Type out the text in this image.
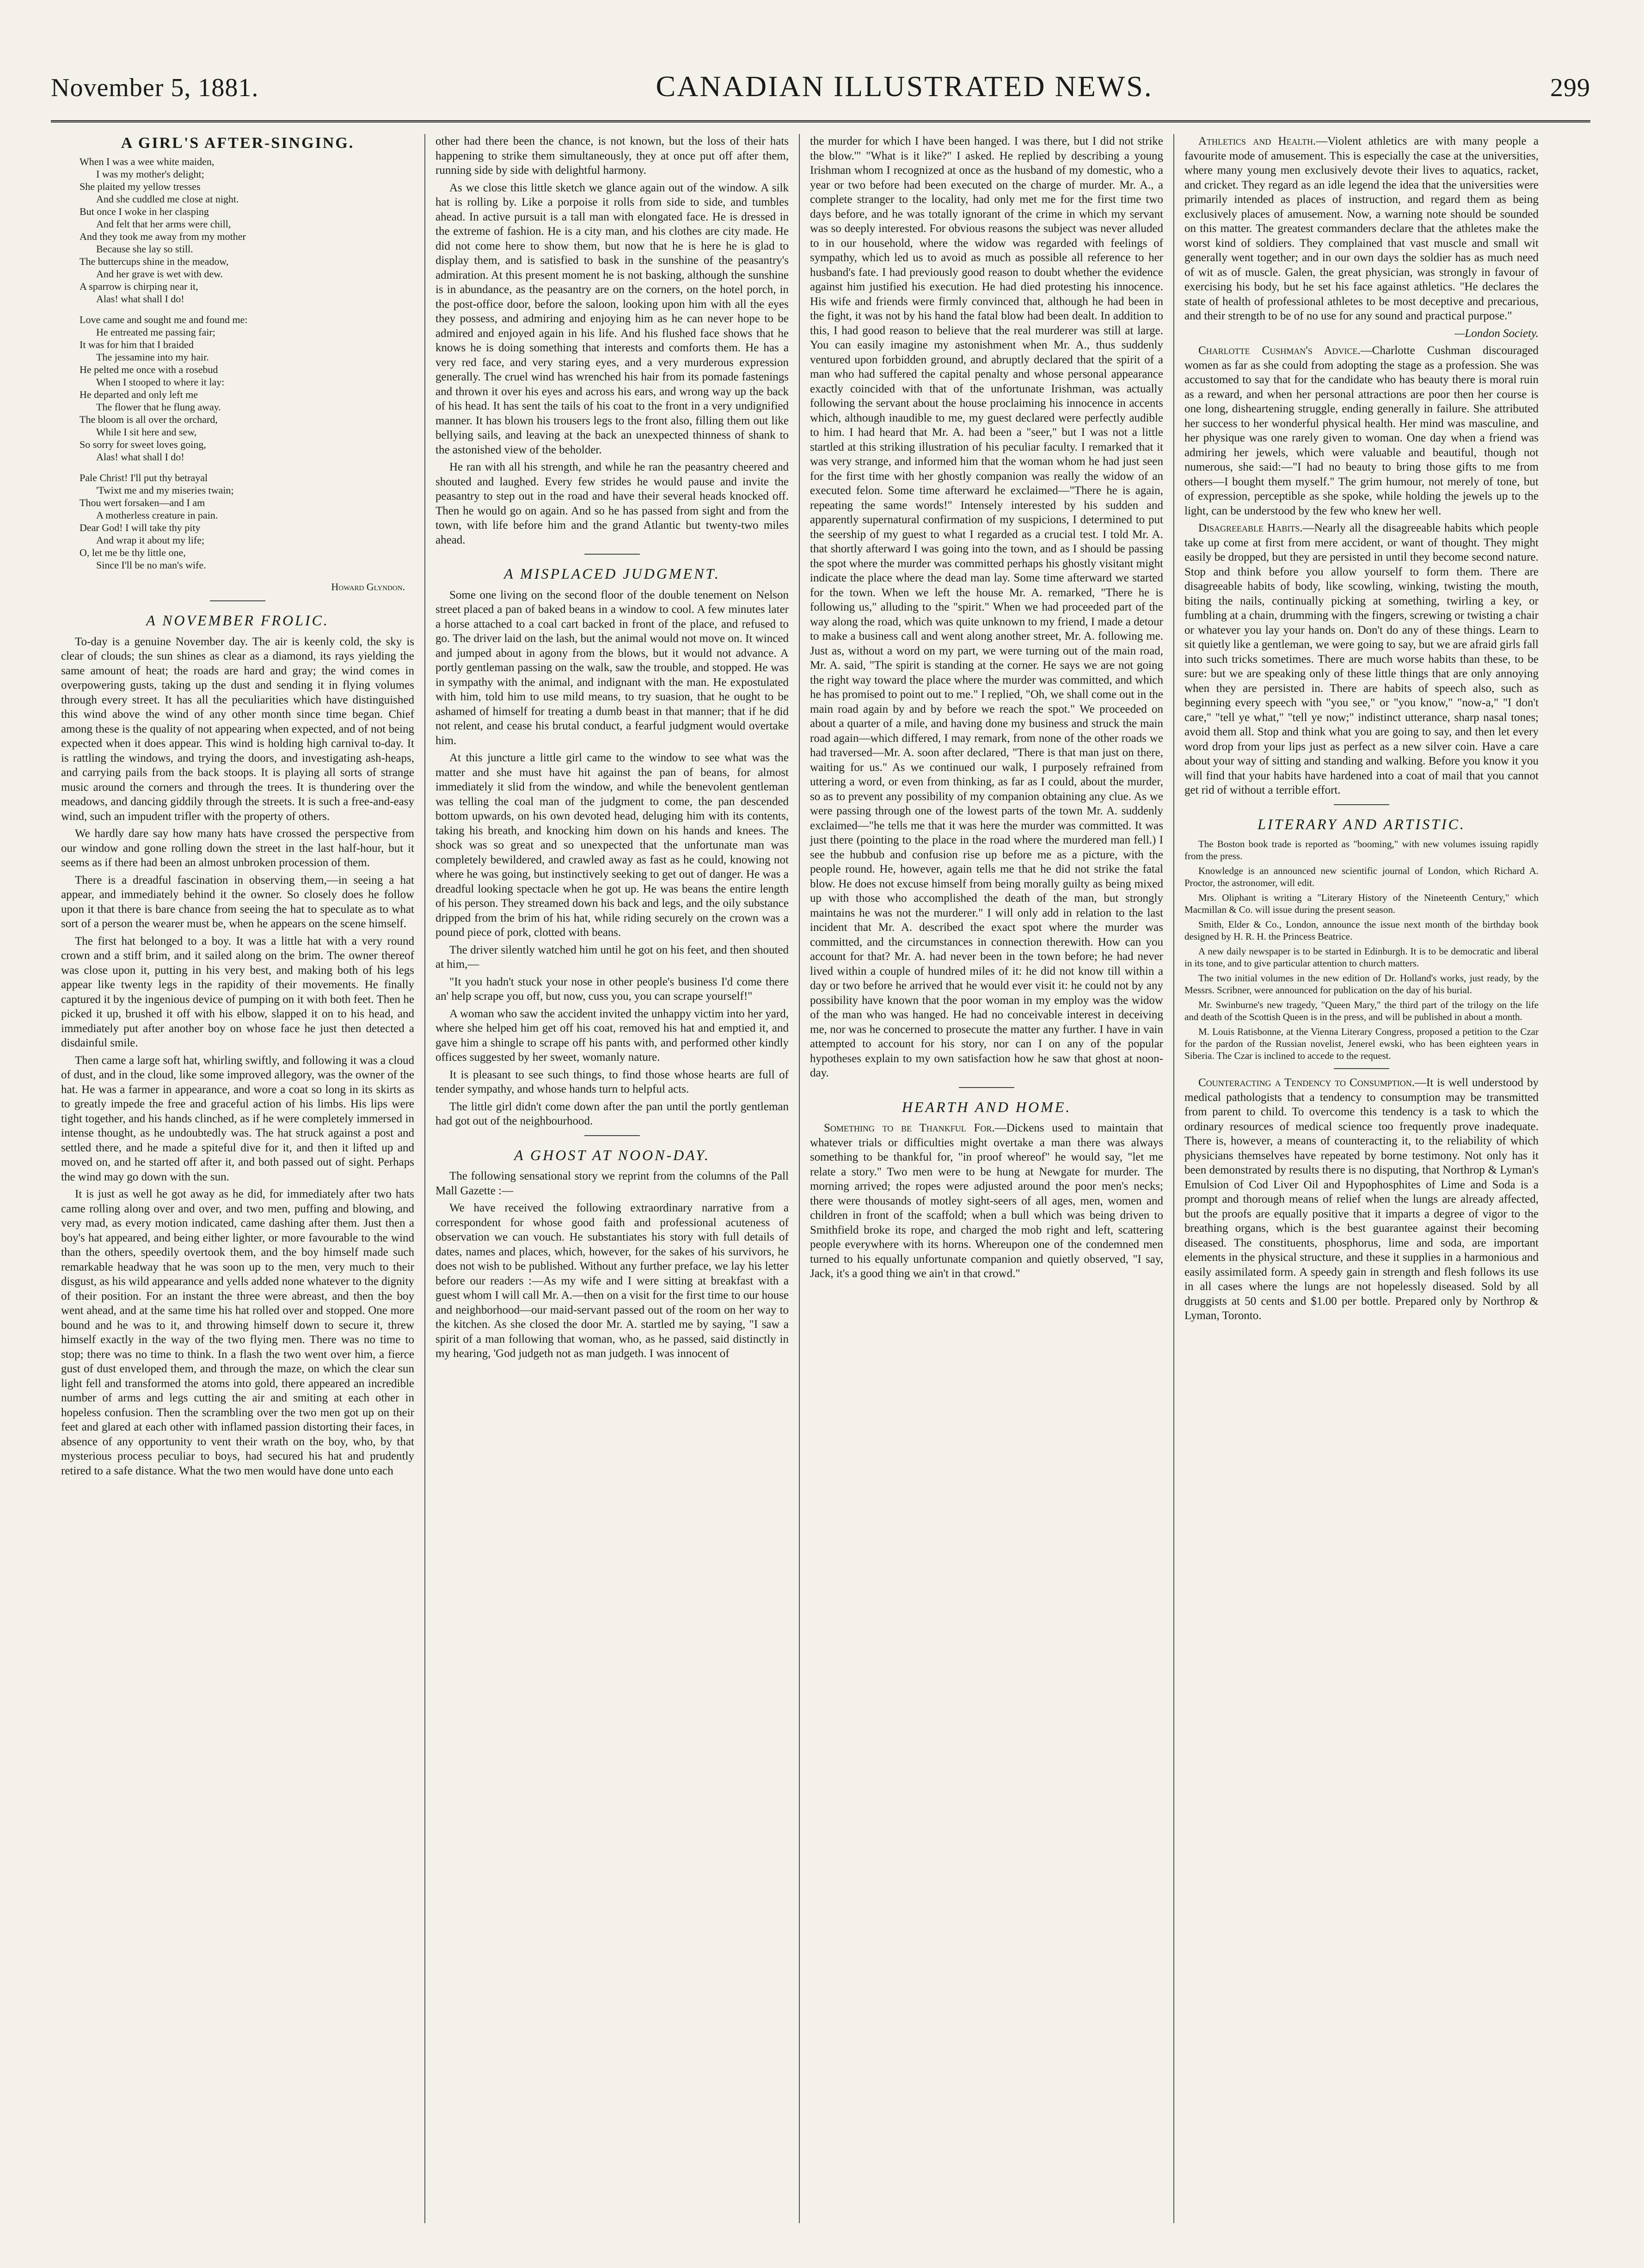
November 5, 1881.	CANADIAN ILLUSTRATED NEWS.	299
A GIRL'S AFTER-SINGING.
When I was a wee white maiden,
I was my mother's delight;
She plaited my yellow tresses
And she cuddled me close at night.
But once I woke in her clasping
And felt that her arms were chill,
And they took me away from my mother
Because she lay so still.
The buttercups shine in the meadow,
And her grave is wet with dew.
A sparrow is chirping near it,
Alas! what shall I do!
Love came and sought me and found me:
He entreated me passing fair;
It was for him that I braided
The jessamine into my hair.
He pelted me once with a rosebud
When I stooped to where it lay:
He departed and only left me
The flower that he flung away.
The bloom is all over the orchard,
While I sit here and sew,
So sorry for sweet loves going,
Alas! what shall I do!
Pale Christ! I'll put thy betrayal
'Twixt me and my miseries twain;
Thou wert forsaken—and I am
A motherless creature in pain.
Dear God! I will take thy pity
And wrap it about my life;
O, let me be thy little one,
Since I'll be no man's wife.
Howard Glyndon.
A NOVEMBER FROLIC.

To-day is a genuine November day. The air is keenly cold, the sky is clear of clouds; the sun shines as clear as a diamond, its rays yielding the same amount of heat; the roads are hard and gray; the wind comes in overpowering gusts, taking up the dust and sending it in flying volumes through every street. It has all the peculiarities which have distinguished this wind above the wind of any other month since time began. Chief among these is the quality of not appearing when expected, and of not being expected when it does appear. This wind is holding high carnival to-day. It is rattling the windows, and trying the doors, and investigating ash-heaps, and carrying pails from the back stoops. It is playing all sorts of strange music around the corners and through the trees. It is thundering over the meadows, and dancing giddily through the streets. It is such a free-and-easy wind, such an impudent trifler with the property of others.

We hardly dare say how many hats have crossed the perspective from our window and gone rolling down the street in the last half-hour, but it seems as if there had been an almost unbroken procession of them.

There is a dreadful fascination in observing them,—in seeing a hat appear, and immediately behind it the owner. So closely does he follow upon it that there is bare chance from seeing the hat to speculate as to what sort of a person the wearer must be, when he appears on the scene himself.

The first hat belonged to a boy. It was a little hat with a very round crown and a stiff brim, and it sailed along on the brim. The owner thereof was close upon it, putting in his very best, and making both of his legs appear like twenty legs in the rapidity of their movements. He finally captured it by the ingenious device of pumping on it with both feet. Then he picked it up, brushed it off with his elbow, slapped it on to his head, and immediately put after another boy on whose face he just then detected a disdainful smile.

Then came a large soft hat, whirling swiftly, and following it was a cloud of dust, and in the cloud, like some improved allegory, was the owner of the hat. He was a farmer in appearance, and wore a coat so long in its skirts as to greatly impede the free and graceful action of his limbs. His lips were tight together, and his hands clinched, as if he were completely immersed in intense thought, as he undoubtedly was. The hat struck against a post and settled there, and he made a spiteful dive for it, and then it lifted up and moved on, and he started off after it, and both passed out of sight. Perhaps the wind may go down with the sun.

It is just as well he got away as he did, for immediately after two hats came rolling along over and over, and two men, puffing and blowing, and very mad, as every motion indicated, came dashing after them. Just then a boy's hat appeared, and being either lighter, or more favourable to the wind than the others, speedily overtook them, and the boy himself made such remarkable headway that he was soon up to the men, very much to their disgust, as his wild appearance and yells added none whatever to the dignity of their position. For an instant the three were abreast, and then the boy went ahead, and at the same time his hat rolled over and stopped. One more bound and he was to it, and throwing himself down to secure it, threw himself exactly in the way of the two flying men. There was no time to stop; there was no time to think. In a flash the two went over him, a fierce gust of dust enveloped them, and through the maze, on which the clear sun light fell and transformed the atoms into gold, there appeared an incredible number of arms and legs cutting the air and smiting at each other in hopeless confusion. Then the scrambling over the two men got up on their feet and glared at each other with inflamed passion distorting their faces, in absence of any opportunity to vent their wrath on the boy, who, by that mysterious process peculiar to boys, had secured his hat and prudently retired to a safe distance. What the two men would have done unto each

other had there been the chance, is not known, but the loss of their hats happening to strike them simultaneously, they at once put off after them, running side by side with delightful harmony.

As we close this little sketch we glance again out of the window. A silk hat is rolling by. Like a porpoise it rolls from side to side, and tumbles ahead. In active pursuit is a tall man with elongated face. He is dressed in the extreme of fashion. He is a city man, and his clothes are city made. He did not come here to show them, but now that he is here he is glad to display them, and is satisfied to bask in the sunshine of the peasantry's admiration. At this present moment he is not basking, although the sunshine is in abundance, as the peasantry are on the corners, on the hotel porch, in the post-office door, before the saloon, looking upon him with all the eyes they possess, and admiring and enjoying him as he can never hope to be admired and enjoyed again in his life. And his flushed face shows that he knows he is doing something that interests and comforts them. He has a very red face, and very staring eyes, and a very murderous expression generally. The cruel wind has wrenched his hair from its pomade fastenings and thrown it over his eyes and across his ears, and wrong way up the back of his head. It has sent the tails of his coat to the front in a very undignified manner. It has blown his trousers legs to the front also, filling them out like bellying sails, and leaving at the back an unexpected thinness of shank to the astonished view of the beholder.

He ran with all his strength, and while he ran the peasantry cheered and shouted and laughed. Every few strides he would pause and invite the peasantry to step out in the road and have their several heads knocked off. Then he would go on again. And so he has passed from sight and from the town, with life before him and the grand Atlantic but twenty-two miles ahead.

A MISPLACED JUDGMENT.

Some one living on the second floor of the double tenement on Nelson street placed a pan of baked beans in a window to cool. A few minutes later a horse attached to a coal cart backed in front of the place, and refused to go. The driver laid on the lash, but the animal would not move on. It winced and jumped about in agony from the blows, but it would not advance. A portly gentleman passing on the walk, saw the trouble, and stopped. He was in sympathy with the animal, and indignant with the man. He expostulated with him, told him to use mild means, to try suasion, that he ought to be ashamed of himself for treating a dumb beast in that manner; that if he did not relent, and cease his brutal conduct, a fearful judgment would overtake him.

At this juncture a little girl came to the window to see what was the matter and she must have hit against the pan of beans, for almost immediately it slid from the window, and while the benevolent gentleman was telling the coal man of the judgment to come, the pan descended bottom upwards, on his own devoted head, deluging him with its contents, taking his breath, and knocking him down on his hands and knees. The shock was so great and so unexpected that the unfortunate man was completely bewildered, and crawled away as fast as he could, knowing not where he was going, but instinctively seeking to get out of danger. He was a dreadful looking spectacle when he got up. He was beans the entire length of his person. They streamed down his back and legs, and the oily substance dripped from the brim of his hat, while riding securely on the crown was a pound piece of pork, clotted with beans.

The driver silently watched him until he got on his feet, and then shouted at him,—

"It you hadn't stuck your nose in other people's business I'd come there an' help scrape you off, but now, cuss you, you can scrape yourself!"

A woman who saw the accident invited the unhappy victim into her yard, where she helped him get off his coat, removed his hat and emptied it, and gave him a shingle to scrape off his pants with, and performed other kindly offices suggested by her sweet, womanly nature.

It is pleasant to see such things, to find those whose hearts are full of tender sympathy, and whose hands turn to helpful acts.

The little girl didn't come down after the pan until the portly gentleman had got out of the neighbourhood.

A GHOST AT NOON-DAY.

The following sensational story we reprint from the columns of the Pall Mall Gazette :—

We have received the following extraordinary narrative from a correspondent for whose good faith and professional acuteness of observation we can vouch. He substantiates his story with full details of dates, names and places, which, however, for the sakes of his survivors, he does not wish to be published. Without any further preface, we lay his letter before our readers :—As my wife and I were sitting at breakfast with a guest whom I will call Mr. A.—then on a visit for the first time to our house and neighborhood—our maid-servant passed out of the room on her way to the kitchen. As she closed the door Mr. A. startled me by saying, "I saw a spirit of a man following that woman, who, as he passed, said distinctly in my hearing, 'God judgeth not as man judgeth. I was innocent of

the murder for which I have been hanged. I was there, but I did not strike the blow.'" "What is it like?" I asked. He replied by describing a young Irishman whom I recognized at once as the husband of my domestic, who a year or two before had been executed on the charge of murder. Mr. A., a complete stranger to the locality, had only met me for the first time two days before, and he was totally ignorant of the crime in which my servant was so deeply interested. For obvious reasons the subject was never alluded to in our household, where the widow was regarded with feelings of sympathy, which led us to avoid as much as possible all reference to her husband's fate. I had previously good reason to doubt whether the evidence against him justified his execution. He had died protesting his innocence. His wife and friends were firmly convinced that, although he had been in the fight, it was not by his hand the fatal blow had been dealt. In addition to this, I had good reason to believe that the real murderer was still at large. You can easily imagine my astonishment when Mr. A., thus suddenly ventured upon forbidden ground, and abruptly declared that the spirit of a man who had suffered the capital penalty and whose personal appearance exactly coincided with that of the unfortunate Irishman, was actually following the servant about the house proclaiming his innocence in accents which, although inaudible to me, my guest declared were perfectly audible to him. I had heard that Mr. A. had been a "seer," but I was not a little startled at this striking illustration of his peculiar faculty. I remarked that it was very strange, and informed him that the woman whom he had just seen for the first time with her ghostly companion was really the widow of an executed felon. Some time afterward he exclaimed—"There he is again, repeating the same words!" Intensely interested by his sudden and apparently supernatural confirmation of my suspicions, I determined to put the seership of my guest to what I regarded as a crucial test. I told Mr. A. that shortly afterward I was going into the town, and as I should be passing the spot where the murder was committed perhaps his ghostly visitant might indicate the place where the dead man lay. Some time afterward we started for the town. When we left the house Mr. A. remarked, "There he is following us," alluding to the "spirit." When we had proceeded part of the way along the road, which was quite unknown to my friend, I made a detour to make a business call and went along another street, Mr. A. following me. Just as, without a word on my part, we were turning out of the main road, Mr. A. said, "The spirit is standing at the corner. He says we are not going the right way toward the place where the murder was committed, and which he has promised to point out to me." I replied, "Oh, we shall come out in the main road again by and by before we reach the spot." We proceeded on about a quarter of a mile, and having done my business and struck the main road again—which differed, I may remark, from none of the other roads we had traversed—Mr. A. soon after declared, "There is that man just on there, waiting for us." As we continued our walk, I purposely refrained from uttering a word, or even from thinking, as far as I could, about the murder, so as to prevent any possibility of my companion obtaining any clue. As we were passing through one of the lowest parts of the town Mr. A. suddenly exclaimed—"he tells me that it was here the murder was committed. It was just there (pointing to the place in the road where the murdered man fell.) I see the hubbub and confusion rise up before me as a picture, with the people round. He, however, again tells me that he did not strike the fatal blow. He does not excuse himself from being morally guilty as being mixed up with those who accomplished the death of the man, but strongly maintains he was not the murderer." I will only add in relation to the last incident that Mr. A. described the exact spot where the murder was committed, and the circumstances in connection therewith. How can you account for that? Mr. A. had never been in the town before; he had never lived within a couple of hundred miles of it: he did not know till within a day or two before he arrived that he would ever visit it: he could not by any possibility have known that the poor woman in my employ was the widow of the man who was hanged. He had no conceivable interest in deceiving me, nor was he concerned to prosecute the matter any further. I have in vain attempted to account for his story, nor can I on any of the popular hypotheses explain to my own satisfaction how he saw that ghost at noon-day.

HEARTH AND HOME.

Something to be Thankful For.—Dickens used to maintain that whatever trials or difficulties might overtake a man there was always something to be thankful for, "in proof whereof" he would say, "let me relate a story." Two men were to be hung at Newgate for murder. The morning arrived; the ropes were adjusted around the poor men's necks; there were thousands of motley sight-seers of all ages, men, women and children in front of the scaffold; when a bull which was being driven to Smithfield broke its rope, and charged the mob right and left, scattering people everywhere with its horns. Whereupon one of the condemned men turned to his equally unfortunate companion and quietly observed, "I say, Jack, it's a good thing we ain't in that crowd."

Athletics and Health.—Violent athletics are with many people a favourite mode of amusement. This is especially the case at the universities, where many young men exclusively devote their lives to aquatics, racket, and cricket. They regard as an idle legend the idea that the universities were primarily intended as places of instruction, and regard them as being exclusively places of amusement. Now, a warning note should be sounded on this matter. The greatest commanders declare that the athletes make the worst kind of soldiers. They complained that vast muscle and small wit generally went together; and in our own days the soldier has as much need of wit as of muscle. Galen, the great physician, was strongly in favour of exercising his body, but he set his face against athletics. "He declares the state of health of professional athletes to be most deceptive and precarious, and their strength to be of no use for any sound and practical purpose."

—London Society.

Charlotte Cushman's Advice.—Charlotte Cushman discouraged women as far as she could from adopting the stage as a profession. She was accustomed to say that for the candidate who has beauty there is moral ruin as a reward, and when her personal attractions are poor then her course is one long, disheartening struggle, ending generally in failure. She attributed her success to her wonderful physical health. Her mind was masculine, and her physique was one rarely given to woman. One day when a friend was admiring her jewels, which were valuable and beautiful, though not numerous, she said:—"I had no beauty to bring those gifts to me from others—I bought them myself." The grim humour, not merely of tone, but of expression, perceptible as she spoke, while holding the jewels up to the light, can be understood by the few who knew her well.

Disagreeable Habits.—Nearly all the disagreeable habits which people take up come at first from mere accident, or want of thought. They might easily be dropped, but they are persisted in until they become second nature. Stop and think before you allow yourself to form them. There are disagreeable habits of body, like scowling, winking, twisting the mouth, biting the nails, continually picking at something, twirling a key, or fumbling at a chain, drumming with the fingers, screwing or twisting a chair or whatever you lay your hands on. Don't do any of these things. Learn to sit quietly like a gentleman, we were going to say, but we are afraid girls fall into such tricks sometimes. There are much worse habits than these, to be sure: but we are speaking only of these little things that are only annoying when they are persisted in. There are habits of speech also, such as beginning every speech with "you see," or "you know," "now-a," "I don't care," "tell ye what," "tell ye now;" indistinct utterance, sharp nasal tones; avoid them all. Stop and think what you are going to say, and then let every word drop from your lips just as perfect as a new silver coin. Have a care about your way of sitting and standing and walking. Before you know it you will find that your habits have hardened into a coat of mail that you cannot get rid of without a terrible effort.

LITERARY AND ARTISTIC.

The Boston book trade is reported as "booming," with new volumes issuing rapidly from the press.

Knowledge is an announced new scientific journal of London, which Richard A. Proctor, the astronomer, will edit.

Mrs. Oliphant is writing a "Literary History of the Nineteenth Century," which Macmillan & Co. will issue during the present season.

Smith, Elder & Co., London, announce the issue next month of the birthday book designed by H. R. H. the Princess Beatrice.

A new daily newspaper is to be started in Edinburgh. It is to be democratic and liberal in its tone, and to give particular attention to church matters.

The two initial volumes in the new edition of Dr. Holland's works, just ready, by the Messrs. Scribner, were announced for publication on the day of his burial.

Mr. Swinburne's new tragedy, "Queen Mary," the third part of the trilogy on the life and death of the Scottish Queen is in the press, and will be published in about a month.

M. Louis Ratisbonne, at the Vienna Literary Congress, proposed a petition to the Czar for the pardon of the Russian novelist, Jenerel ewski, who has been eighteen years in Siberia. The Czar is inclined to accede to the request.

Counteracting a Tendency to Consumption.—It is well understood by medical pathologists that a tendency to consumption may be transmitted from parent to child. To overcome this tendency is a task to which the ordinary resources of medical science too frequently prove inadequate. There is, however, a means of counteracting it, to the reliability of which physicians themselves have repeated by borne testimony. Not only has it been demonstrated by results there is no disputing, that Northrop & Lyman's Emulsion of Cod Liver Oil and Hypophosphites of Lime and Soda is a prompt and thorough means of relief when the lungs are already affected, but the proofs are equally positive that it imparts a degree of vigor to the breathing organs, which is the best guarantee against their becoming diseased. The constituents, phosphorus, lime and soda, are important elements in the physical structure, and these it supplies in a harmonious and easily assimilated form. A speedy gain in strength and flesh follows its use in all cases where the lungs are not hopelessly diseased. Sold by all druggists at 50 cents and $1.00 per bottle. Prepared only by Northrop & Lyman, Toronto.
